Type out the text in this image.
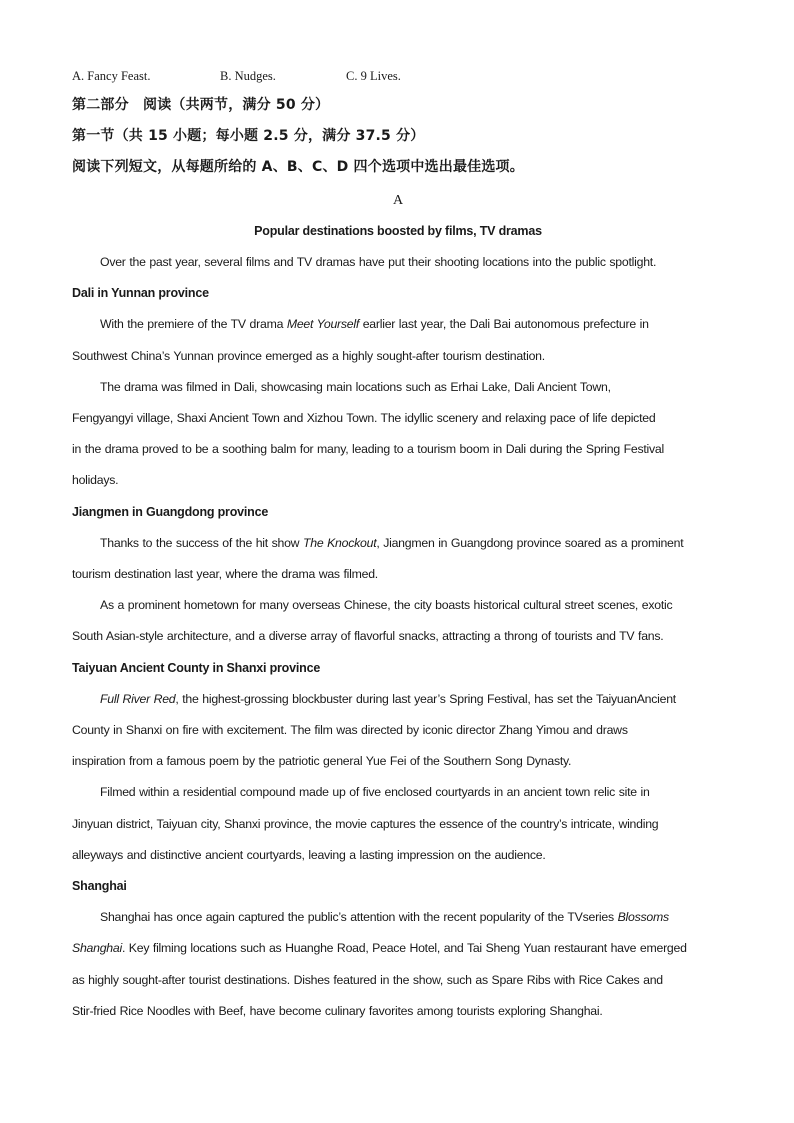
A. Fancy Feast.	B. Nudges.	C. 9 Lives.
第二部分　阅读（共两节，满分 50 分）
第一节（共 15 小题；每小题 2.5 分，满分 37.5 分）
阅读下列短文，从每题所给的 A、B、C、D 四个选项中选出最佳选项。
A
Popular destinations boosted by films, TV dramas

Over the past year, several films and TV dramas have put their shooting locations into the public spotlight.

Dali in Yunnan province

With the premiere of the TV drama Meet Yourself earlier last year, the Dali Bai autonomous prefecture in
Southwest China’s Yunnan province emerged as a highly sought-after tourism destination.

The drama was filmed in Dali, showcasing main locations such as Erhai Lake, Dali Ancient Town,
Fengyangyi village, Shaxi Ancient Town and Xizhou Town. The idyllic scenery and relaxing pace of life depicted
in the drama proved to be a soothing balm for many, leading to a tourism boom in Dali during the Spring Festival
holidays.

Jiangmen in Guangdong province

Thanks to the success of the hit show The Knockout, Jiangmen in Guangdong province soared as a prominent
tourism destination last year, where the drama was filmed.

As a prominent hometown for many overseas Chinese, the city boasts historical cultural street scenes, exotic
South Asian-style architecture, and a diverse array of flavorful snacks, attracting a throng of tourists and TV fans.

Taiyuan Ancient County in Shanxi province

Full River Red, the highest-grossing blockbuster during last year’s Spring Festival, has set the TaiyuanAncient
County in Shanxi on fire with excitement. The film was directed by iconic director Zhang Yimou and draws
inspiration from a famous poem by the patriotic general Yue Fei of the Southern Song Dynasty.

Filmed within a residential compound made up of five enclosed courtyards in an ancient town relic site in
Jinyuan district, Taiyuan city, Shanxi province, the movie captures the essence of the country’s intricate, winding
alleyways and distinctive ancient courtyards, leaving a lasting impression on the audience.

Shanghai

Shanghai has once again captured the public’s attention with the recent popularity of the TVseries Blossoms
Shanghai. Key filming locations such as Huanghe Road, Peace Hotel, and Tai Sheng Yuan restaurant have emerged
as highly sought-after tourist destinations. Dishes featured in the show, such as Spare Ribs with Rice Cakes and
Stir-fried Rice Noodles with Beef, have become culinary favorites among tourists exploring Shanghai.
